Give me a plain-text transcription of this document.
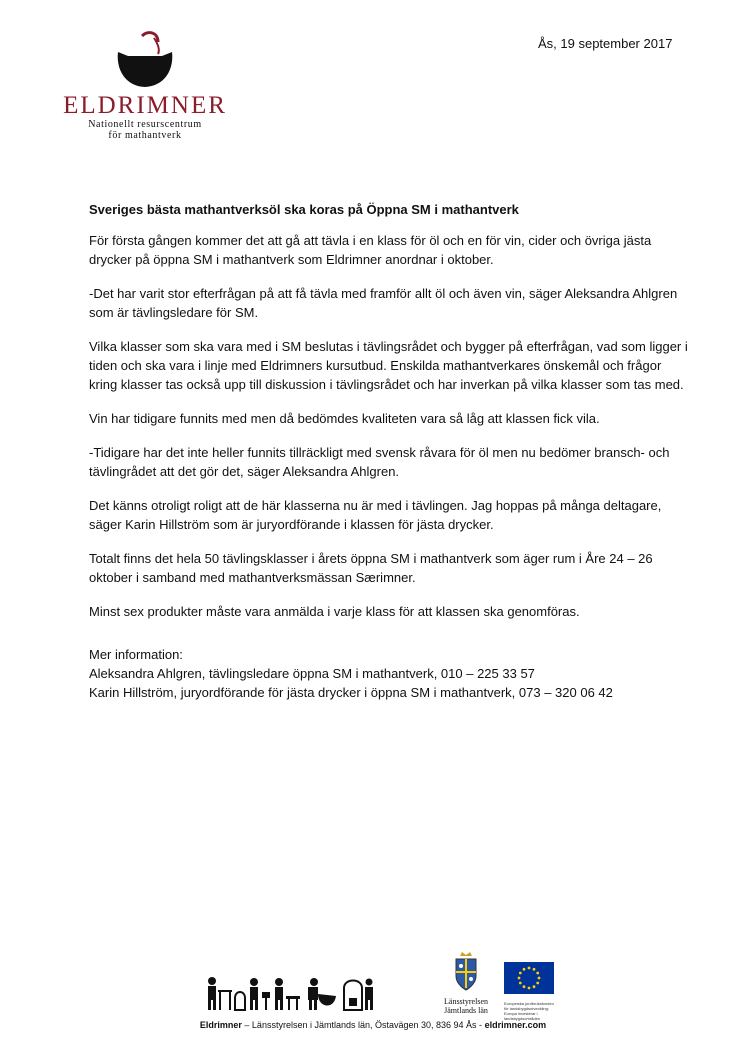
ELDRIMNER
Nationellt resurscentrum
för mathantverk
Ås, 19 september 2017

Sveriges bästa mathantverksöl ska koras på Öppna SM i mathantverk

För första gången kommer det att gå att tävla i en klass för öl och en för vin, cider och övriga jästa drycker på öppna SM i mathantverk som Eldrimner anordnar i oktober.

-Det har varit stor efterfrågan på att få tävla med framför allt öl och även vin, säger Aleksandra Ahlgren som är tävlingsledare för SM.

Vilka klasser som ska vara med i SM beslutas i tävlingsrådet och bygger på efterfrågan, vad som ligger i tiden och ska vara i linje med Eldrimners kursutbud. Enskilda mathantverkares önskemål och frågor kring klasser tas också upp till diskussion i tävlingsrådet och har inverkan på vilka klasser som tas med.

Vin har tidigare funnits med men då bedömdes kvaliteten vara så låg att klassen fick vila.

-Tidigare har det inte heller funnits tillräckligt med svensk råvara för öl men nu bedömer bransch- och tävlingrådet att det gör det, säger Aleksandra Ahlgren.

Det känns otroligt roligt att de här klasserna nu är med i tävlingen. Jag hoppas på många deltagare, säger Karin Hillström som är juryordförande i klassen för jästa drycker.

Totalt finns det hela 50 tävlingsklasser i årets öppna SM i mathantverk som äger rum i Åre 24 – 26 oktober i samband med mathantverksmässan Særimner.

Minst sex produkter måste vara anmälda i varje klass för att klassen ska genomföras.

Mer information:
Aleksandra Ahlgren, tävlingsledare öppna SM i mathantverk, 010 – 225 33 57
Karin Hillström, juryordförande för jästa drycker i öppna SM i mathantverk, 073 – 320 06 42
Länsstyrelsen
Jämtlands län
Europeiska jordbruksfonden för landsbygdsutveckling: Europa investerar i landsbygdsområden
Eldrimner – Länsstyrelsen i Jämtlands län, Östavägen 30, 836 94 Ås - eldrimner.com
